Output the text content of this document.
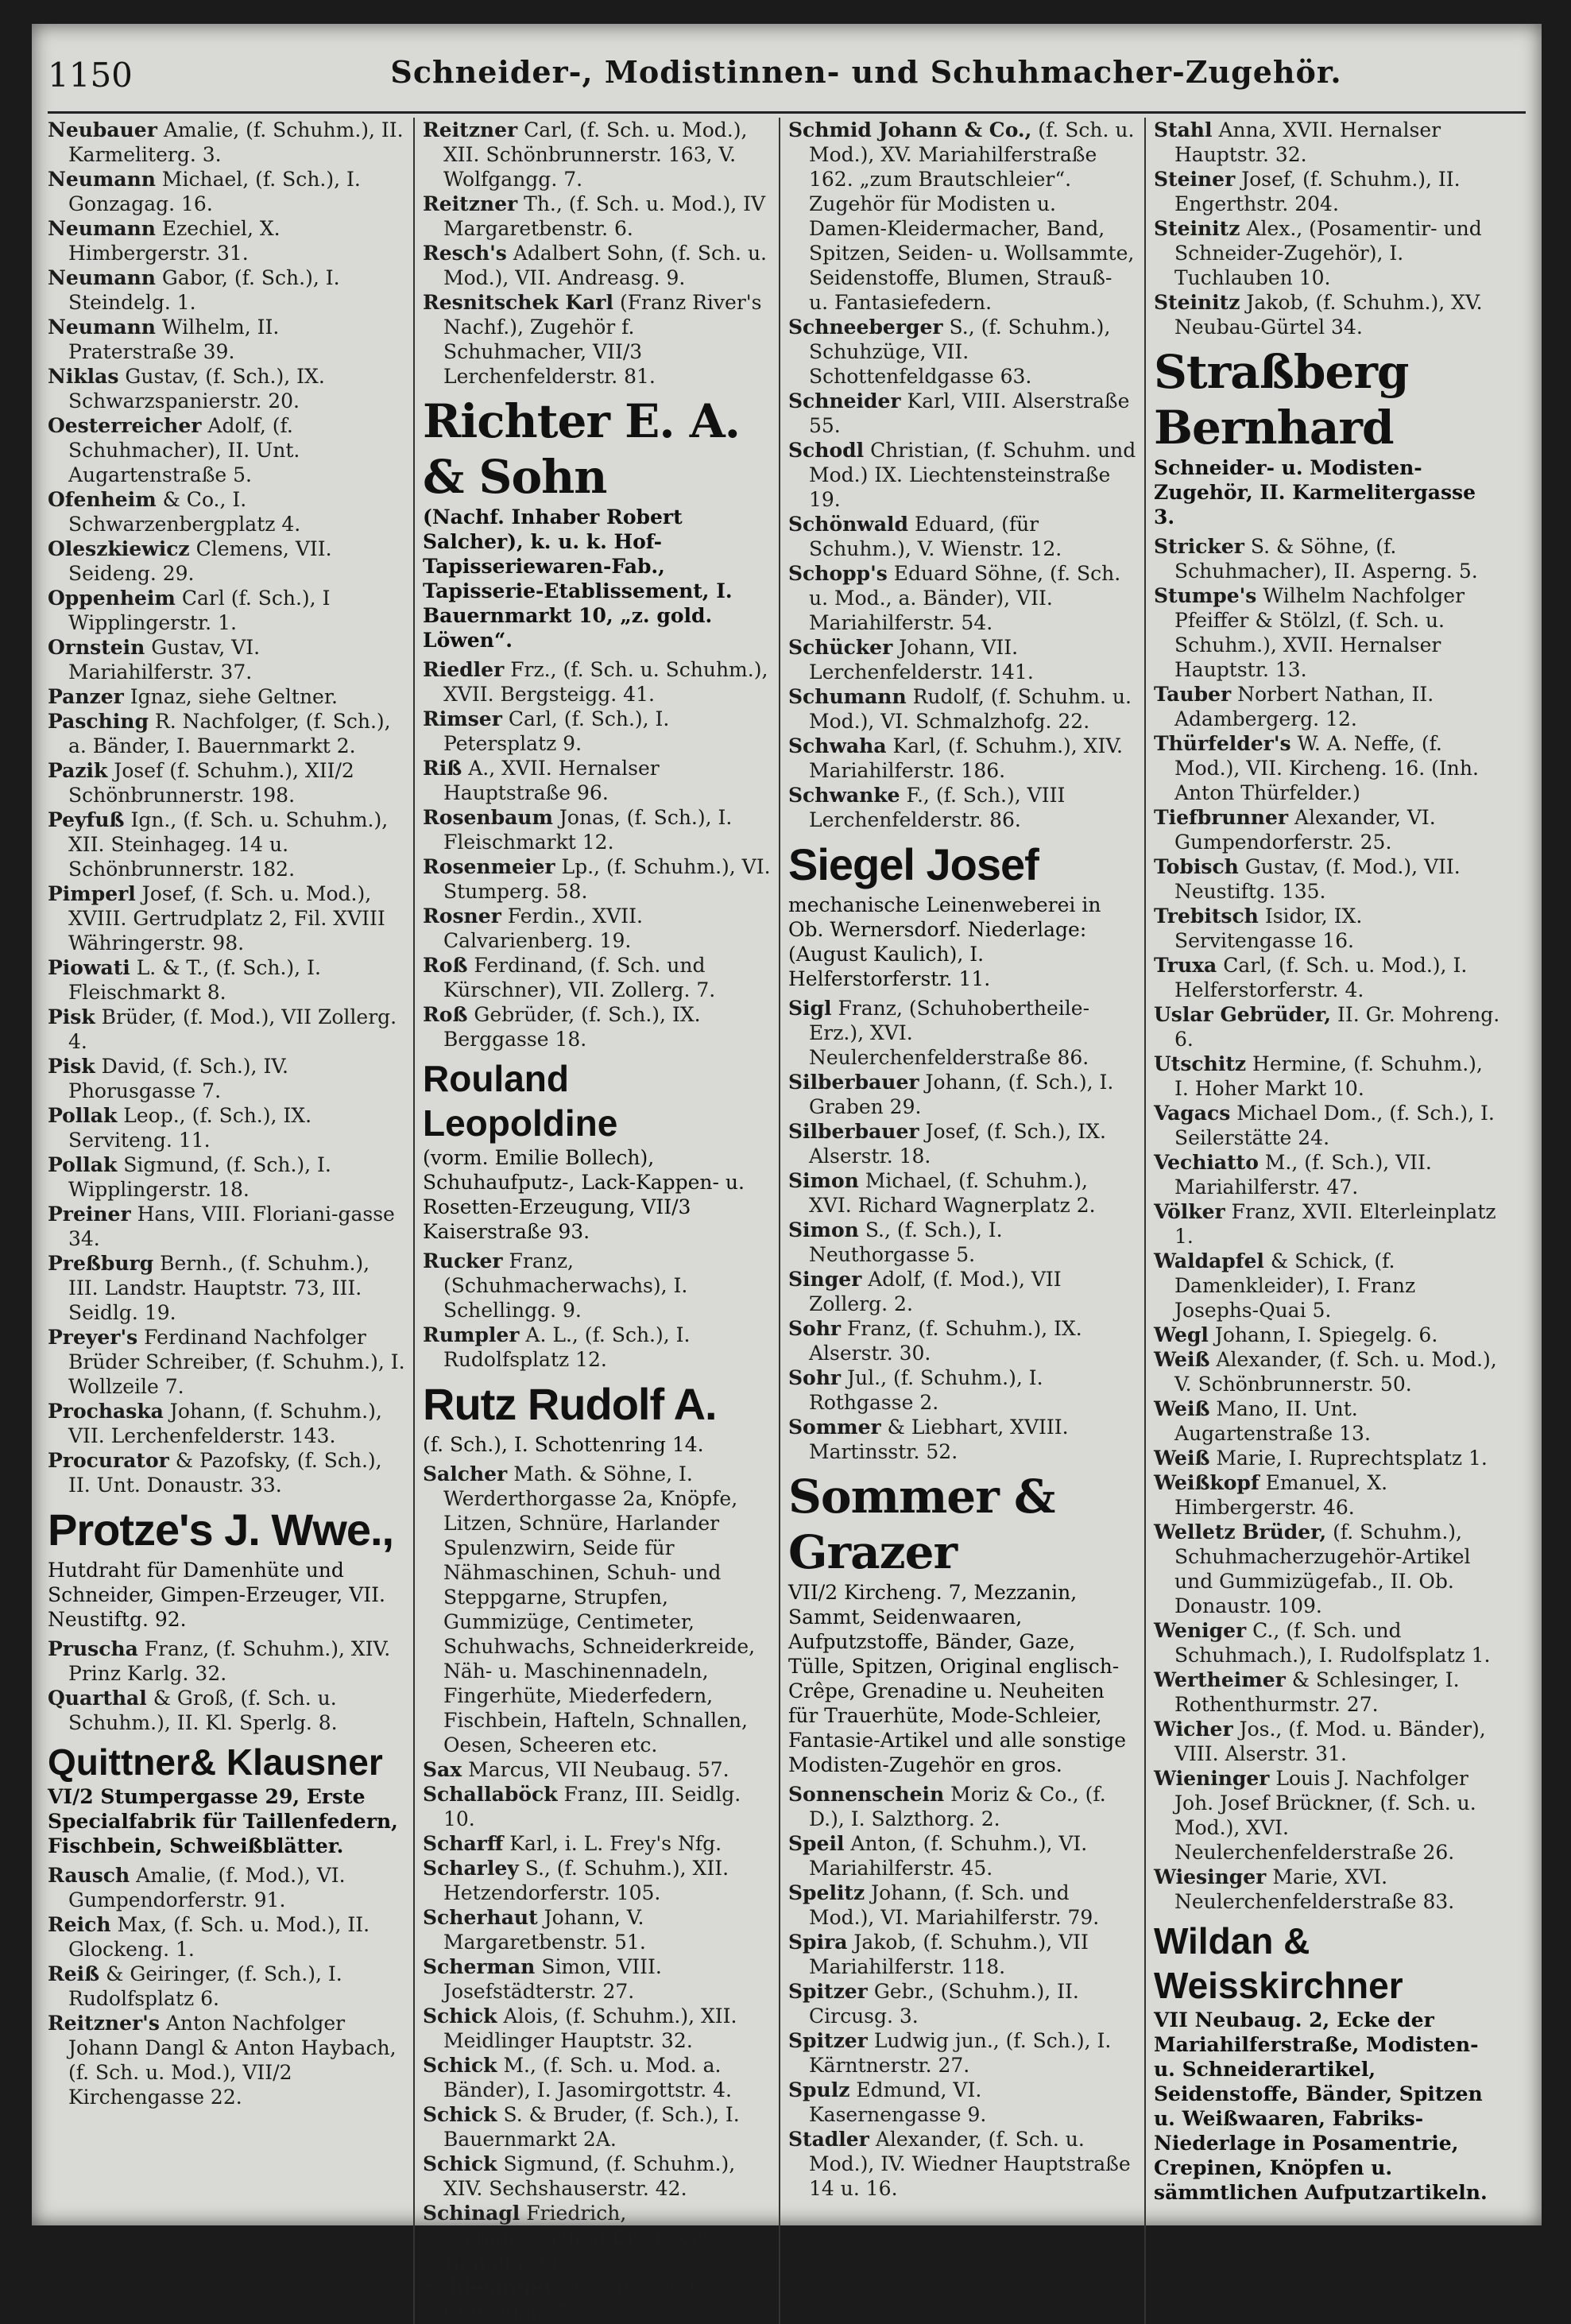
1150	Schneider-, Modistinnen- und Schuhmacher-Zugehör.

Neubauer Amalie, (f. Schuhm.), II. Karmeliterg. 3.

Neumann Michael, (f. Sch.), I. Gonzagag. 16.

Neumann Ezechiel, X. Himbergerstr. 31.

Neumann Gabor, (f. Sch.), I. Steindelg. 1.

Neumann Wilhelm, II. Praterstraße 39.

Niklas Gustav, (f. Sch.), IX. Schwarzspanierstr. 20.

Oesterreicher Adolf, (f. Schuhmacher), II. Unt. Augartenstraße 5.

Ofenheim & Co., I. Schwarzenbergplatz 4.

Oleszkiewicz Clemens, VII. Seideng. 29.

Oppenheim Carl (f. Sch.), I Wipplingerstr. 1.

Ornstein Gustav, VI. Mariahilferstr. 37.

Panzer Ignaz, siehe Geltner.

Pasching R. Nachfolger, (f. Sch.), a. Bänder, I. Bauernmarkt 2.

Pazik Josef (f. Schuhm.), XII/2 Schönbrunnerstr. 198.

Peyfuß Ign., (f. Sch. u. Schuhm.), XII. Steinhageg. 14 u. Schönbrunnerstr. 182.

Pimperl Josef, (f. Sch. u. Mod.), XVIII. Gertrudplatz 2, Fil. XVIII Währingerstr. 98.

Piowati L. & T., (f. Sch.), I. Fleischmarkt 8.

Pisk Brüder, (f. Mod.), VII Zollerg. 4.

Pisk David, (f. Sch.), IV. Phorusgasse 7.

Pollak Leop., (f. Sch.), IX. Serviteng. 11.

Pollak Sigmund, (f. Sch.), I. Wipplingerstr. 18.

Preiner Hans, VIII. Floriani-gasse 34.

Preßburg Bernh., (f. Schuhm.), III. Landstr. Hauptstr. 73, III. Seidlg. 19.

Preyer's Ferdinand Nachfolger Brüder Schreiber, (f. Schuhm.), I. Wollzeile 7.

Prochaska Johann, (f. Schuhm.), VII. Lerchenfelderstr. 143.

Procurator & Pazofsky, (f. Sch.), II. Unt. Donaustr. 33.

Protze's J. Wwe.,
Hutdraht für Damenhüte und Schneider, Gimpen-Erzeuger, VII. Neustiftg. 92.

Pruscha Franz, (f. Schuhm.), XIV. Prinz Karlg. 32.

Quarthal & Groß, (f. Sch. u. Schuhm.), II. Kl. Sperlg. 8.

Quittner& Klausner
VI/2 Stumpergasse 29, Erste Specialfabrik für Taillenfedern, Fischbein, Schweißblätter.

Rausch Amalie, (f. Mod.), VI. Gumpendorferstr. 91.

Reich Max, (f. Sch. u. Mod.), II. Glockeng. 1.

Reiß & Geiringer, (f. Sch.), I. Rudolfsplatz 6.

Reitzner's Anton Nachfolger Johann Dangl & Anton Haybach, (f. Sch. u. Mod.), VII/2 Kirchengasse 22.

Reitzner Carl, (f. Sch. u. Mod.), XII. Schönbrunnerstr. 163, V. Wolfgangg. 7.

Reitzner Th., (f. Sch. u. Mod.), IV Margaretbenstr. 6.

Resch's Adalbert Sohn, (f. Sch. u. Mod.), VII. Andreasg. 9.

Resnitschek Karl (Franz River's Nachf.), Zugehör f. Schuhmacher, VII/3 Lerchenfelderstr. 81.

Richter E. A. & Sohn
(Nachf. Inhaber Robert Salcher), k. u. k. Hof-Tapisseriewaren-Fab., Tapisserie-Etablissement, I. Bauernmarkt 10, „z. gold. Löwen“.

Riedler Frz., (f. Sch. u. Schuhm.), XVII. Bergsteigg. 41.

Rimser Carl, (f. Sch.), I. Petersplatz 9.

Riß A., XVII. Hernalser Hauptstraße 96.

Rosenbaum Jonas, (f. Sch.), I. Fleischmarkt 12.

Rosenmeier Lp., (f. Schuhm.), VI. Stumperg. 58.

Rosner Ferdin., XVII. Calvarienberg. 19.

Roß Ferdinand, (f. Sch. und Kürschner), VII. Zollerg. 7.

Roß Gebrüder, (f. Sch.), IX. Berggasse 18.

Rouland Leopoldine
(vorm. Emilie Bollech), Schuhaufputz-, Lack-Kappen- u. Rosetten-Erzeugung, VII/3 Kaiserstraße 93.

Rucker Franz, (Schuhmacherwachs), I. Schellingg. 9.

Rumpler A. L., (f. Sch.), I. Rudolfsplatz 12.

Rutz Rudolf A.
(f. Sch.), I. Schottenring 14.

Salcher Math. & Söhne, I. Werderthorgasse 2a, Knöpfe, Litzen, Schnüre, Harlander Spulenzwirn, Seide für Nähmaschinen, Schuh- und Steppgarne, Strupfen, Gummizüge, Centimeter, Schuhwachs, Schneiderkreide, Näh- u. Maschinennadeln, Fingerhüte, Miederfedern, Fischbein, Hafteln, Schnallen, Oesen, Scheeren etc.

Sax Marcus, VII Neubaug. 57.

Schallaböck Franz, III. Seidlg. 10.

Scharff Karl, i. L. Frey's Nfg.

Scharley S., (f. Schuhm.), XII. Hetzendorferstr. 105.

Scherhaut Johann, V. Margaretbenstr. 51.

Scherman Simon, VIII. Josefstädterstr. 27.

Schick Alois, (f. Schuhm.), XII. Meidlinger Hauptstr. 32.

Schick M., (f. Sch. u. Mod. a. Bänder), I. Jasomirgottstr. 4.

Schick S. & Bruder, (f. Sch.), I. Bauernmarkt 2A.

Schick Sigmund, (f. Schuhm.), XIV. Sechshauserstr. 42.

Schinagl Friedrich, (Schuhobertheil-Erz.), XVI. Heindlg. 11.

Schlesinger Max, (f. Sch.), I. Gonzagag. 5.

Schmid Johann & Co., (f. Sch. u. Mod.), XV. Mariahilferstraße 162. „zum Brautschleier“. Zugehör für Modisten u. Damen-Kleidermacher, Band, Spitzen, Seiden- u. Wollsammte, Seidenstoffe, Blumen, Strauß- u. Fantasiefedern.

Schneeberger S., (f. Schuhm.), Schuhzüge, VII. Schottenfeldgasse 63.

Schneider Karl, VIII. Alserstraße 55.

Schodl Christian, (f. Schuhm. und Mod.) IX. Liechtensteinstraße 19.

Schönwald Eduard, (für Schuhm.), V. Wienstr. 12.

Schopp's Eduard Söhne, (f. Sch. u. Mod., a. Bänder), VII. Mariahilferstr. 54.

Schücker Johann, VII. Lerchenfelderstr. 141.

Schumann Rudolf, (f. Schuhm. u. Mod.), VI. Schmalzhofg. 22.

Schwaha Karl, (f. Schuhm.), XIV. Mariahilferstr. 186.

Schwanke F., (f. Sch.), VIII Lerchenfelderstr. 86.

Siegel Josef
mechanische Leinenweberei in Ob. Wernersdorf. Niederlage: (August Kaulich), I. Helferstorferstr. 11.

Sigl Franz, (Schuhobertheile-Erz.), XVI. Neulerchenfelderstraße 86.

Silberbauer Johann, (f. Sch.), I. Graben 29.

Silberbauer Josef, (f. Sch.), IX. Alserstr. 18.

Simon Michael, (f. Schuhm.), XVI. Richard Wagnerplatz 2.

Simon S., (f. Sch.), I. Neuthorgasse 5.

Singer Adolf, (f. Mod.), VII Zollerg. 2.

Sohr Franz, (f. Schuhm.), IX. Alserstr. 30.

Sohr Jul., (f. Schuhm.), I. Rothgasse 2.

Sommer & Liebhart, XVIII. Martinsstr. 52.

Sommer & Grazer
VII/2 Kircheng. 7, Mezzanin, Sammt, Seidenwaaren, Aufputzstoffe, Bänder, Gaze, Tülle, Spitzen, Original englisch-Crêpe, Grenadine u. Neuheiten für Trauerhüte, Mode-Schleier, Fantasie-Artikel und alle sonstige Modisten-Zugehör en gros.

Sonnenschein Moriz & Co., (f. D.), I. Salzthorg. 2.

Speil Anton, (f. Schuhm.), VI. Mariahilferstr. 45.

Spelitz Johann, (f. Sch. und Mod.), VI. Mariahilferstr. 79.

Spira Jakob, (f. Schuhm.), VII Mariahilferstr. 118.

Spitzer Gebr., (Schuhm.), II. Circusg. 3.

Spitzer Ludwig jun., (f. Sch.), I. Kärntnerstr. 27.

Spulz Edmund, VI. Kasernengasse 9.

Stadler Alexander, (f. Sch. u. Mod.), IV. Wiedner Hauptstraße 14 u. 16.

Stahl Anna, XVII. Hernalser Hauptstr. 32.

Steiner Josef, (f. Schuhm.), II. Engerthstr. 204.

Steinitz Alex., (Posamentir- und Schneider-Zugehör), I. Tuchlauben 10.

Steinitz Jakob, (f. Schuhm.), XV. Neubau-Gürtel 34.

Straßberg Bernhard
Schneider- u. Modisten-Zugehör, II. Karmelitergasse 3.

Stricker S. & Söhne, (f. Schuhmacher), II. Asperng. 5.

Stumpe's Wilhelm Nachfolger Pfeiffer & Stölzl, (f. Sch. u. Schuhm.), XVII. Hernalser Hauptstr. 13.

Tauber Norbert Nathan, II. Adambergerg. 12.

Thürfelder's W. A. Neffe, (f. Mod.), VII. Kircheng. 16. (Inh. Anton Thürfelder.)

Tiefbrunner Alexander, VI. Gumpendorferstr. 25.

Tobisch Gustav, (f. Mod.), VII. Neustiftg. 135.

Trebitsch Isidor, IX. Servitengasse 16.

Truxa Carl, (f. Sch. u. Mod.), I. Helferstorferstr. 4.

Uslar Gebrüder, II. Gr. Mohreng. 6.

Utschitz Hermine, (f. Schuhm.), I. Hoher Markt 10.

Vagacs Michael Dom., (f. Sch.), I. Seilerstätte 24.

Vechiatto M., (f. Sch.), VII. Mariahilferstr. 47.

Völker Franz, XVII. Elterleinplatz 1.

Waldapfel & Schick, (f. Damenkleider), I. Franz Josephs-Quai 5.

Wegl Johann, I. Spiegelg. 6.

Weiß Alexander, (f. Sch. u. Mod.), V. Schönbrunnerstr. 50.

Weiß Mano, II. Unt. Augartenstraße 13.

Weiß Marie, I. Ruprechtsplatz 1.

Weißkopf Emanuel, X. Himbergerstr. 46.

Welletz Brüder, (f. Schuhm.), Schuhmacherzugehör-Artikel und Gummizügefab., II. Ob. Donaustr. 109.

Weniger C., (f. Sch. und Schuhmach.), I. Rudolfsplatz 1.

Wertheimer & Schlesinger, I. Rothenthurmstr. 27.

Wicher Jos., (f. Mod. u. Bänder), VIII. Alserstr. 31.

Wieninger Louis J. Nachfolger Joh. Josef Brückner, (f. Sch. u. Mod.), XVI. Neulerchenfelderstraße 26.

Wiesinger Marie, XVI. Neulerchenfelderstraße 83.

Wildan & Weisskirchner
VII Neubaug. 2, Ecke der Mariahilferstraße, Modisten- u. Schneiderartikel, Seidenstoffe, Bänder, Spitzen u. Weißwaaren, Fabriks-Niederlage in Posamentrie, Crepinen, Knöpfen u. sämmtlichen Aufputzartikeln.
